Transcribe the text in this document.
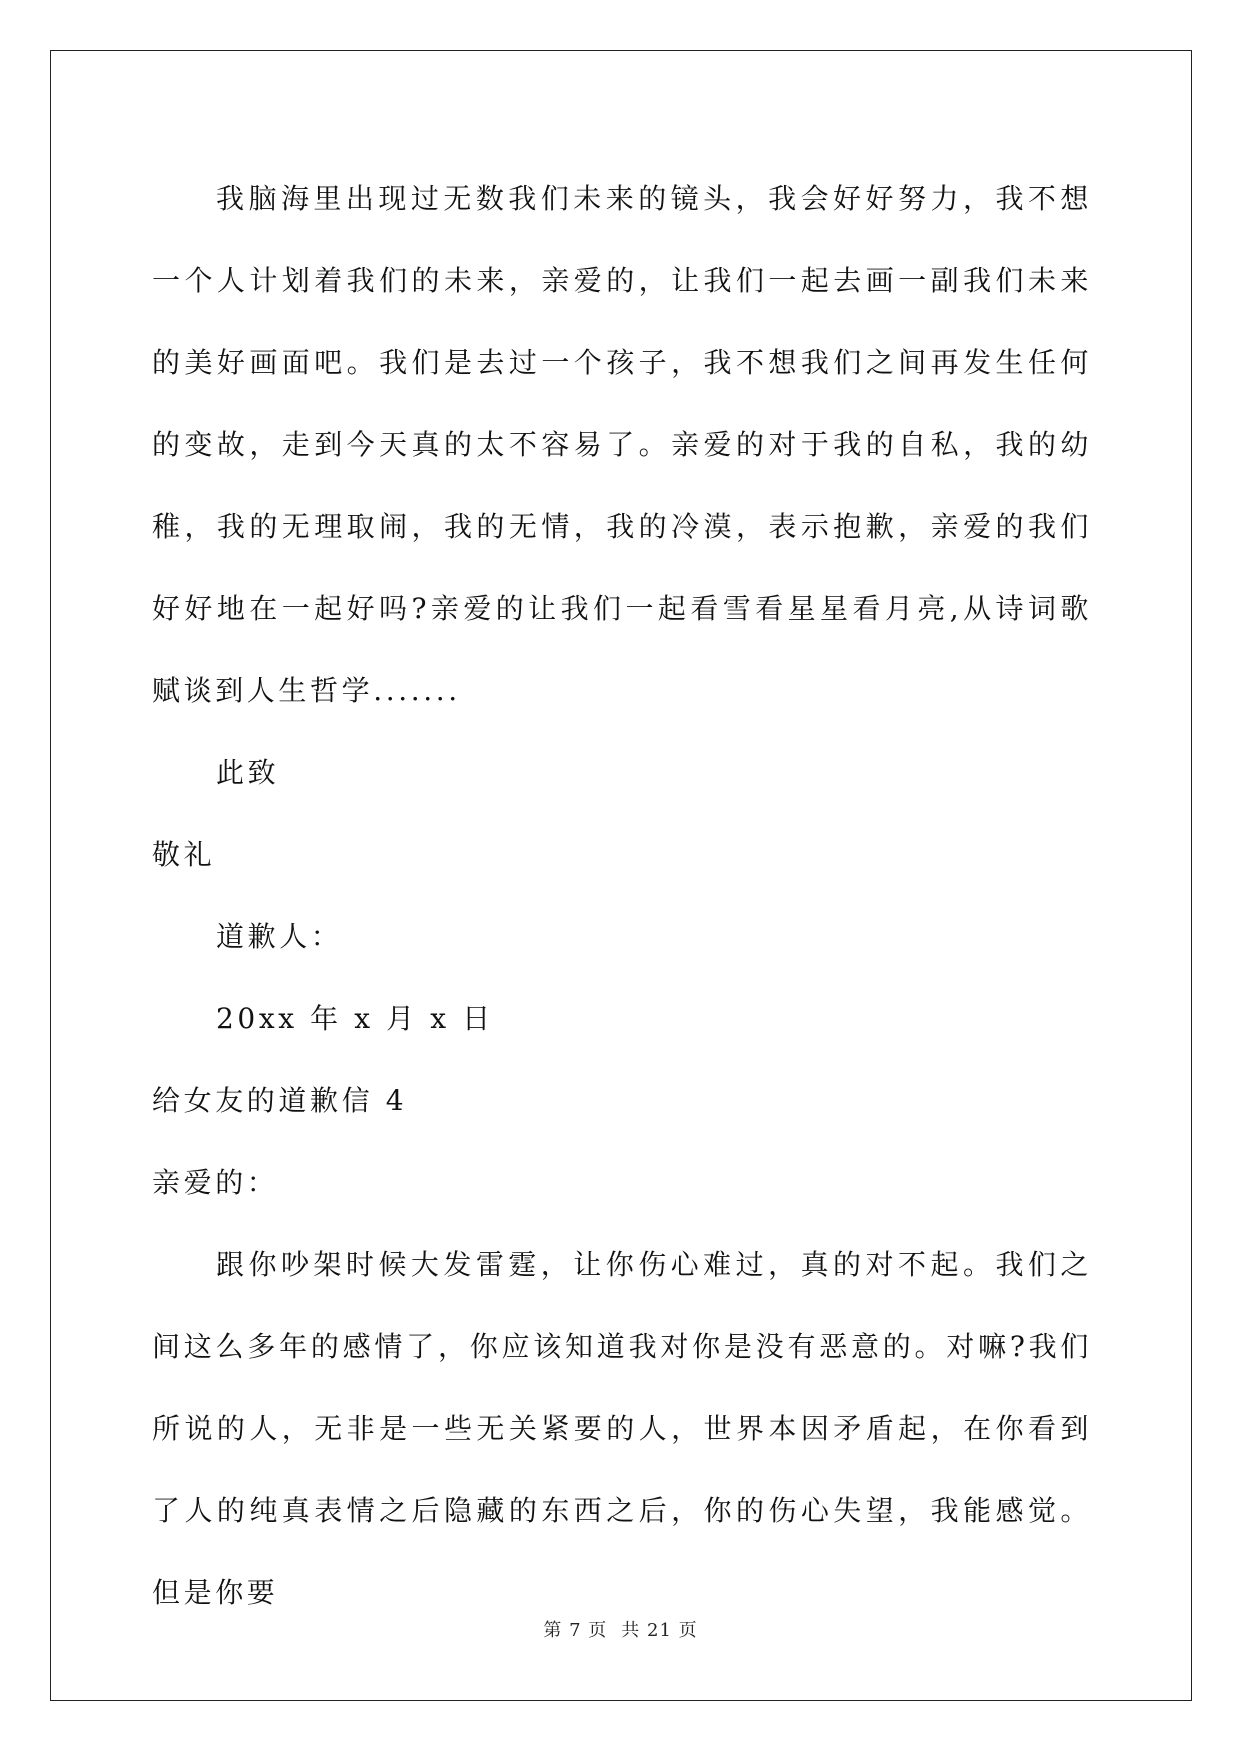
我脑海里出现过无数我们未来的镜头，我会好好努力，我不想一个人计划着我们的未来，亲爱的，让我们一起去画一副我们未来的美好画面吧。我们是去过一个孩子，我不想我们之间再发生任何的变故，走到今天真的太不容易了。亲爱的对于我的自私，我的幼稚，我的无理取闹，我的无情，我的冷漠，表示抱歉，亲爱的我们好好地在一起好吗?亲爱的让我们一起看雪看星星看月亮,从诗词歌赋谈到人生哲学.......

此致

敬礼

道歉人：

20xx 年 x 月 x 日

给女友的道歉信 4

亲爱的：

跟你吵架时候大发雷霆，让你伤心难过，真的对不起。我们之间这么多年的感情了，你应该知道我对你是没有恶意的。对嘛?我们所说的人，无非是一些无关紧要的人，世界本因矛盾起，在你看到了人的纯真表情之后隐藏的东西之后，你的伤心失望，我能感觉。但是你要

第 7 页 共 21 页
